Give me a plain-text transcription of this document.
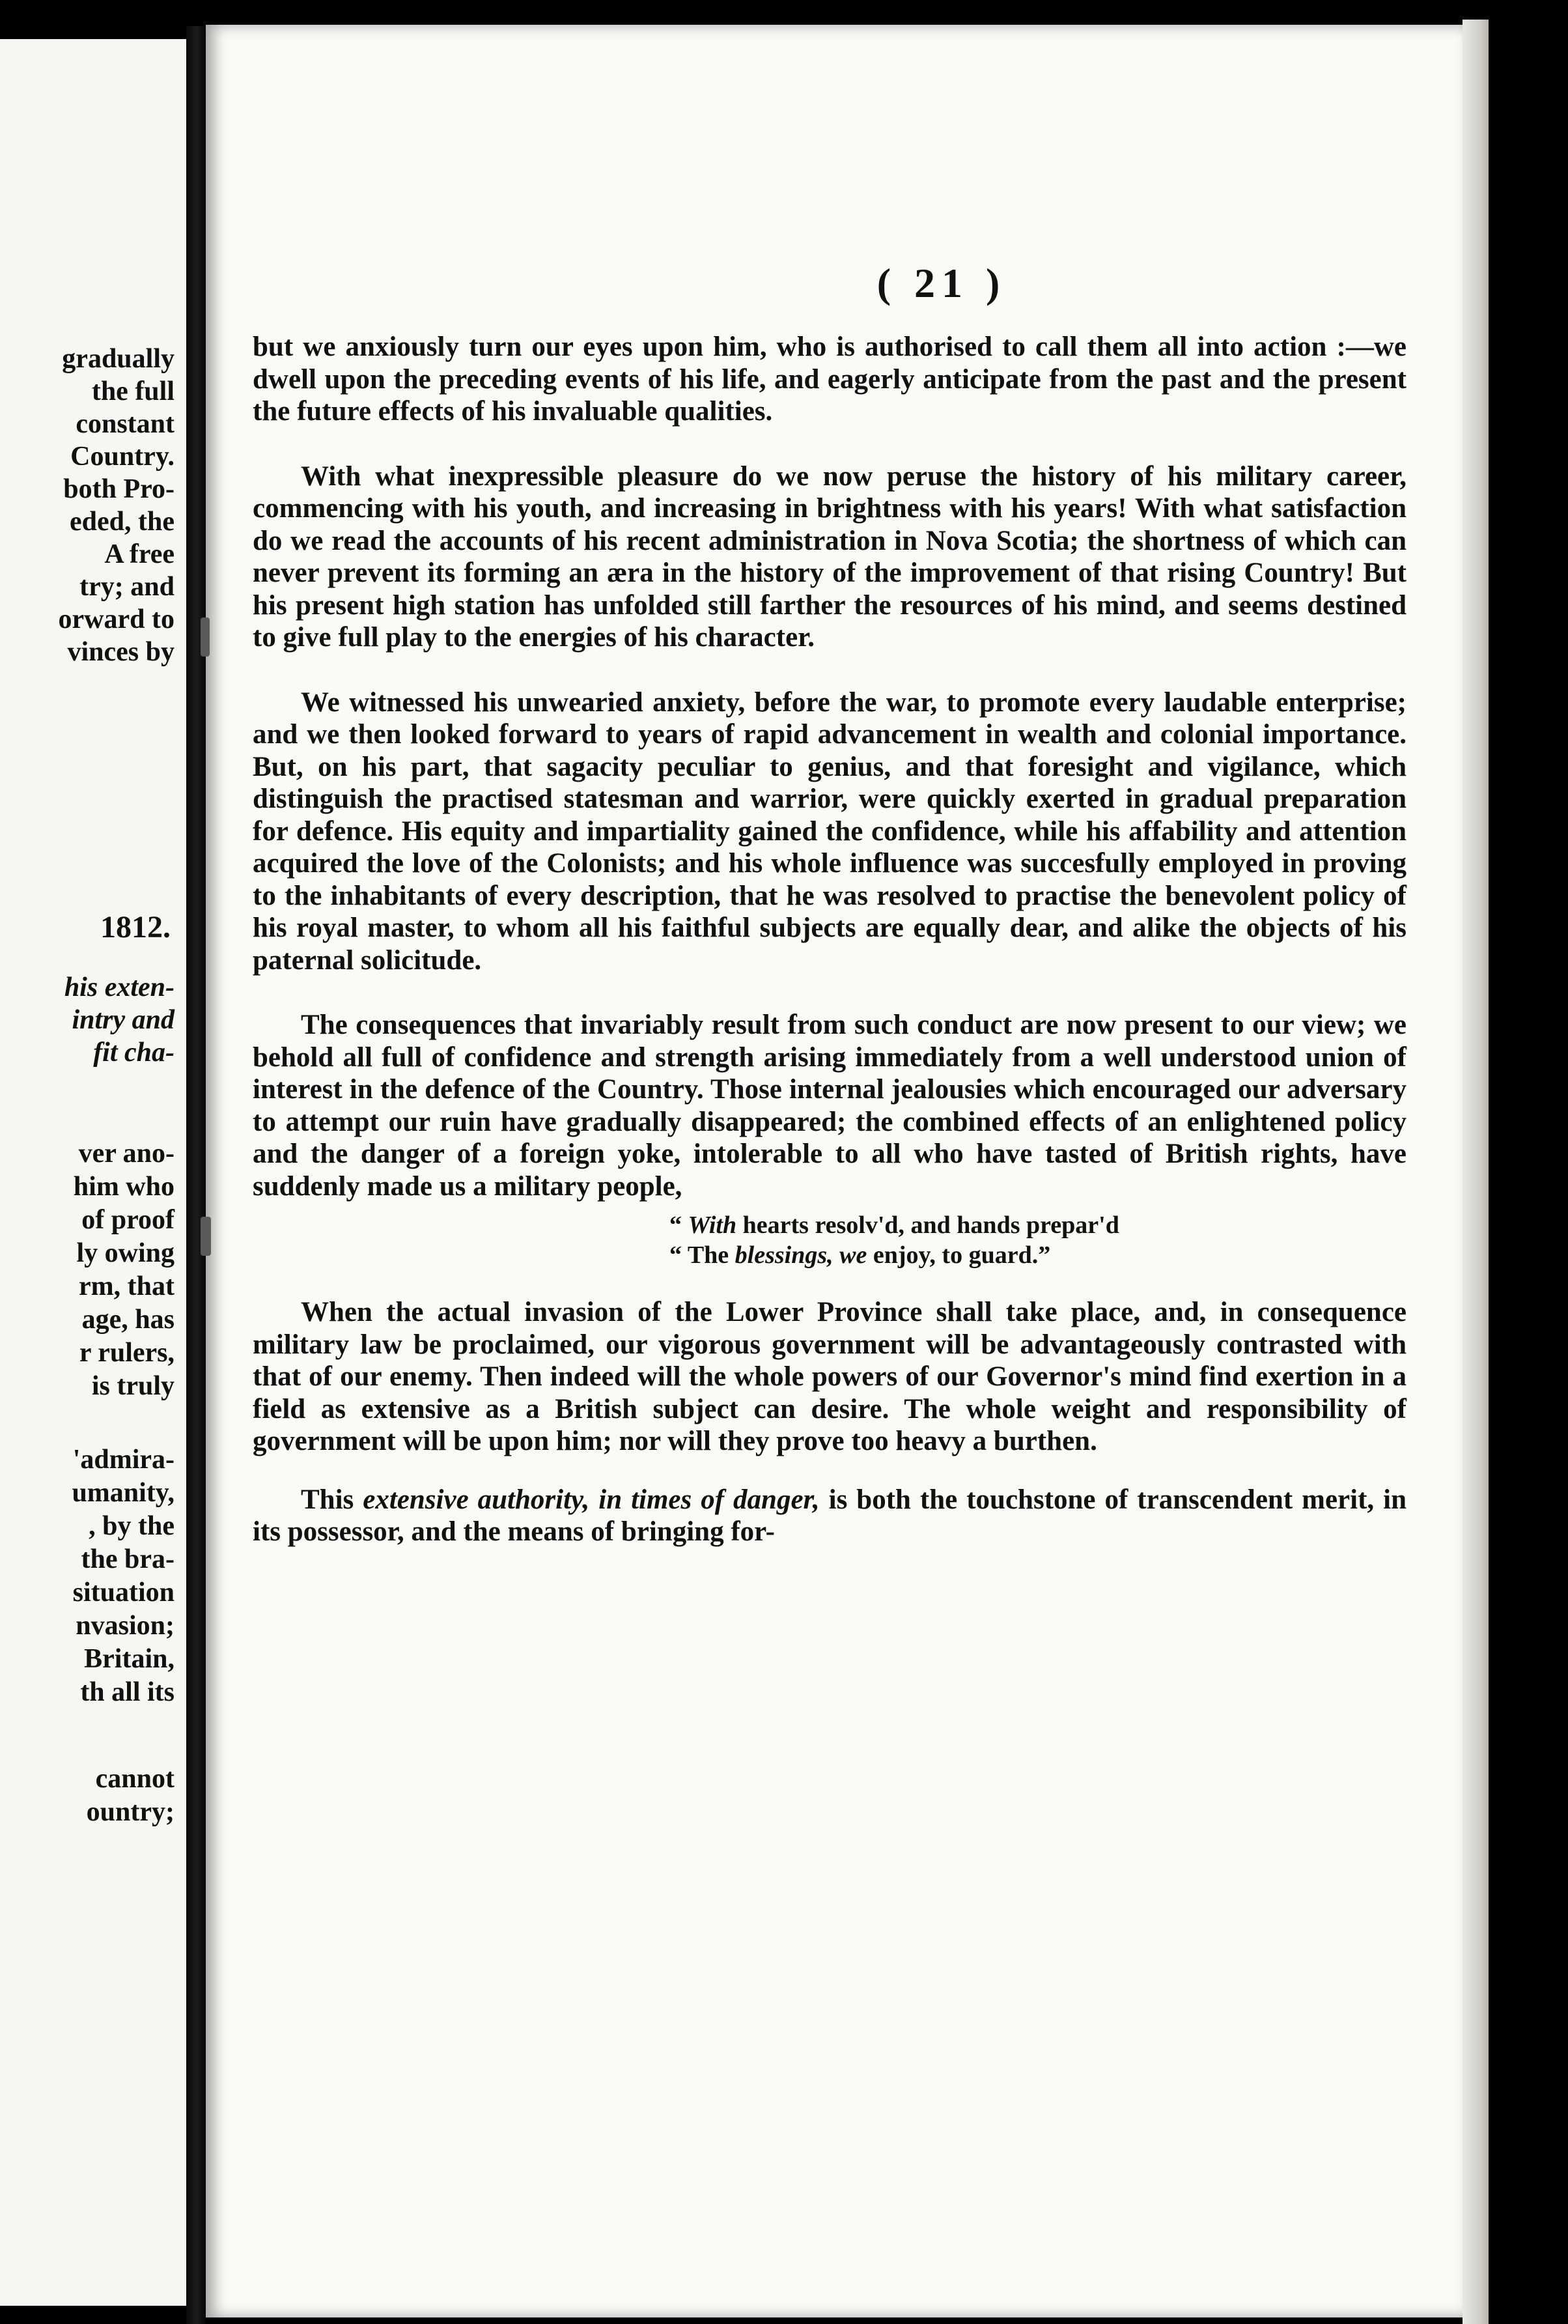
graduallу
the full
constant
Country.
both Pro-
eded, the
A free
try; and
orward to
vinces by
1812.
his exten-
intry and
fit cha-
ver ano-
him who
of proof
ly owing
rm, that
age, has
r rulers,
is truly
'admira-
umanity,
, by the
the bra-
situation
nvasion;
Britain,
th all its
cannot
ountry;
( 21 )

but we anxiously turn our eyes upon him, who is authorised to call them all into action :—we dwell upon the preceding events of his life, and eagerly anticipate from the past and the present the future effects of his invaluable qualities.

With what inexpressible pleasure do we now peruse the history of his military career, commencing with his youth, and increasing in brightness with his years! With what satisfaction do we read the accounts of his recent administration in Nova Scotia; the shortness of which can never prevent its forming an æra in the history of the improvement of that rising Country! But his present high station has unfolded still farther the resources of his mind, and seems destined to give full play to the energies of his character.

We witnessed his unwearied anxiety, before the war, to promote every laudable enterprise; and we then looked forward to years of rapid advancement in wealth and colonial importance. But, on his part, that sagacity peculiar to genius, and that foresight and vigilance, which distinguish the practised statesman and warrior, were quickly exerted in gradual preparation for defence. His equity and impartiality gained the confidence, while his affability and attention acquired the love of the Colonists; and his whole influence was succesfully employed in proving to the inhabitants of every description, that he was resolved to practise the benevolent policy of his royal master, to whom all his faithful subjects are equally dear, and alike the objects of his paternal solicitude.

The consequences that invariably result from such conduct are now present to our view; we behold all full of confidence and strength arising immediately from a well understood union of interest in the defence of the Country. Those internal jealousies which encouraged our adversary to attempt our ruin have gradually disappeared; the combined effects of an enlightened policy and the danger of a foreign yoke, intolerable to all who have tasted of British rights, have suddenly made us a military people,

“ With hearts resolv'd, and hands prepar'd
“ The blessings, we enjoy, to guard.”

When the actual invasion of the Lower Province shall take place, and, in consequence military law be proclaimed, our vigorous government will be advantageously contrasted with that of our enemy. Then indeed will the whole powers of our Governor's mind find exertion in a field as extensive as a British subject can desire. The whole weight and responsibility of government will be upon him; nor will they prove too heavy a burthen.

This extensive authority, in times of danger, is both the touchstone of transcendent merit, in its possessor, and the means of bringing for-
